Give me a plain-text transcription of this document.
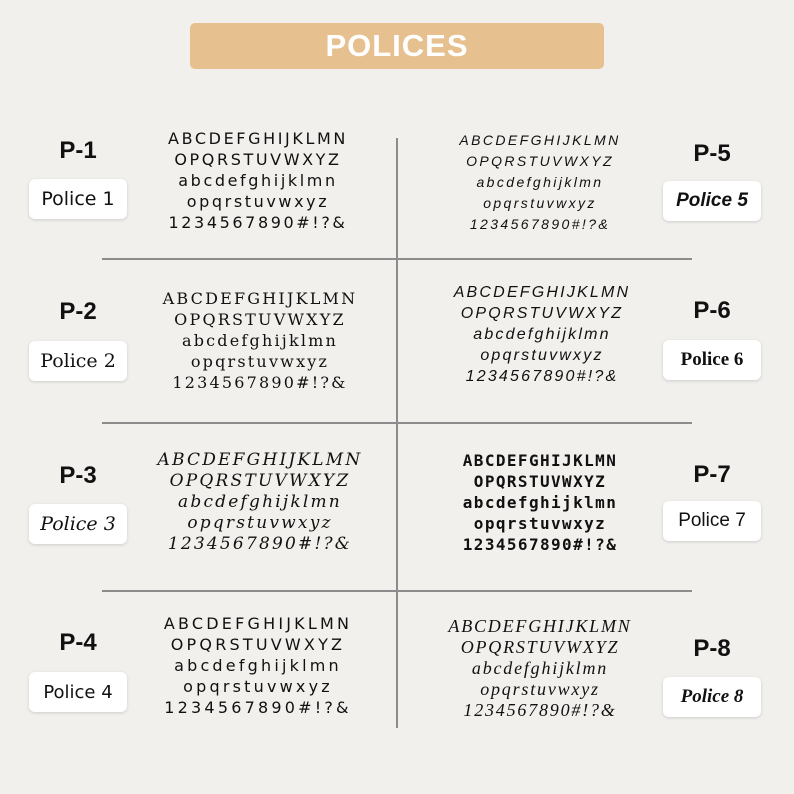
POLICES
P-1
Police 1
ABCDEFGHIJKLMN
OPQRSTUVWXYZ
abcdefghijklmn
opqrstuvwxyz
1234567890#!?&
P-2
Police 2
ABCDEFGHIJKLMN
OPQRSTUVWXYZ
abcdefghijklmn
opqrstuvwxyz
1234567890#!?&
P-3
Police 3
ABCDEFGHIJKLMN
OPQRSTUVWXYZ
abcdefghijklmn
opqrstuvwxyz
1234567890#!?&
P-4
Police 4
ABCDEFGHIJKLMN
OPQRSTUVWXYZ
abcdefghijklmn
opqrstuvwxyz
1234567890#!?&
P-5
Police 5
ABCDEFGHIJKLMN
OPQRSTUVWXYZ
abcdefghijklmn
opqrstuvwxyz
1234567890#!?&
P-6
Police 6
ABCDEFGHIJKLMN
OPQRSTUVWXYZ
abcdefghijklmn
opqrstuvwxyz
1234567890#!?&
P-7
Police 7
ABCDEFGHIJKLMN
OPQRSTUVWXYZ
abcdefghijklmn
opqrstuvwxyz
1234567890#!?&
P-8
Police 8
ABCDEFGHIJKLMN
OPQRSTUVWXYZ
abcdefghijklmn
opqrstuvwxyz
1234567890#!?&
